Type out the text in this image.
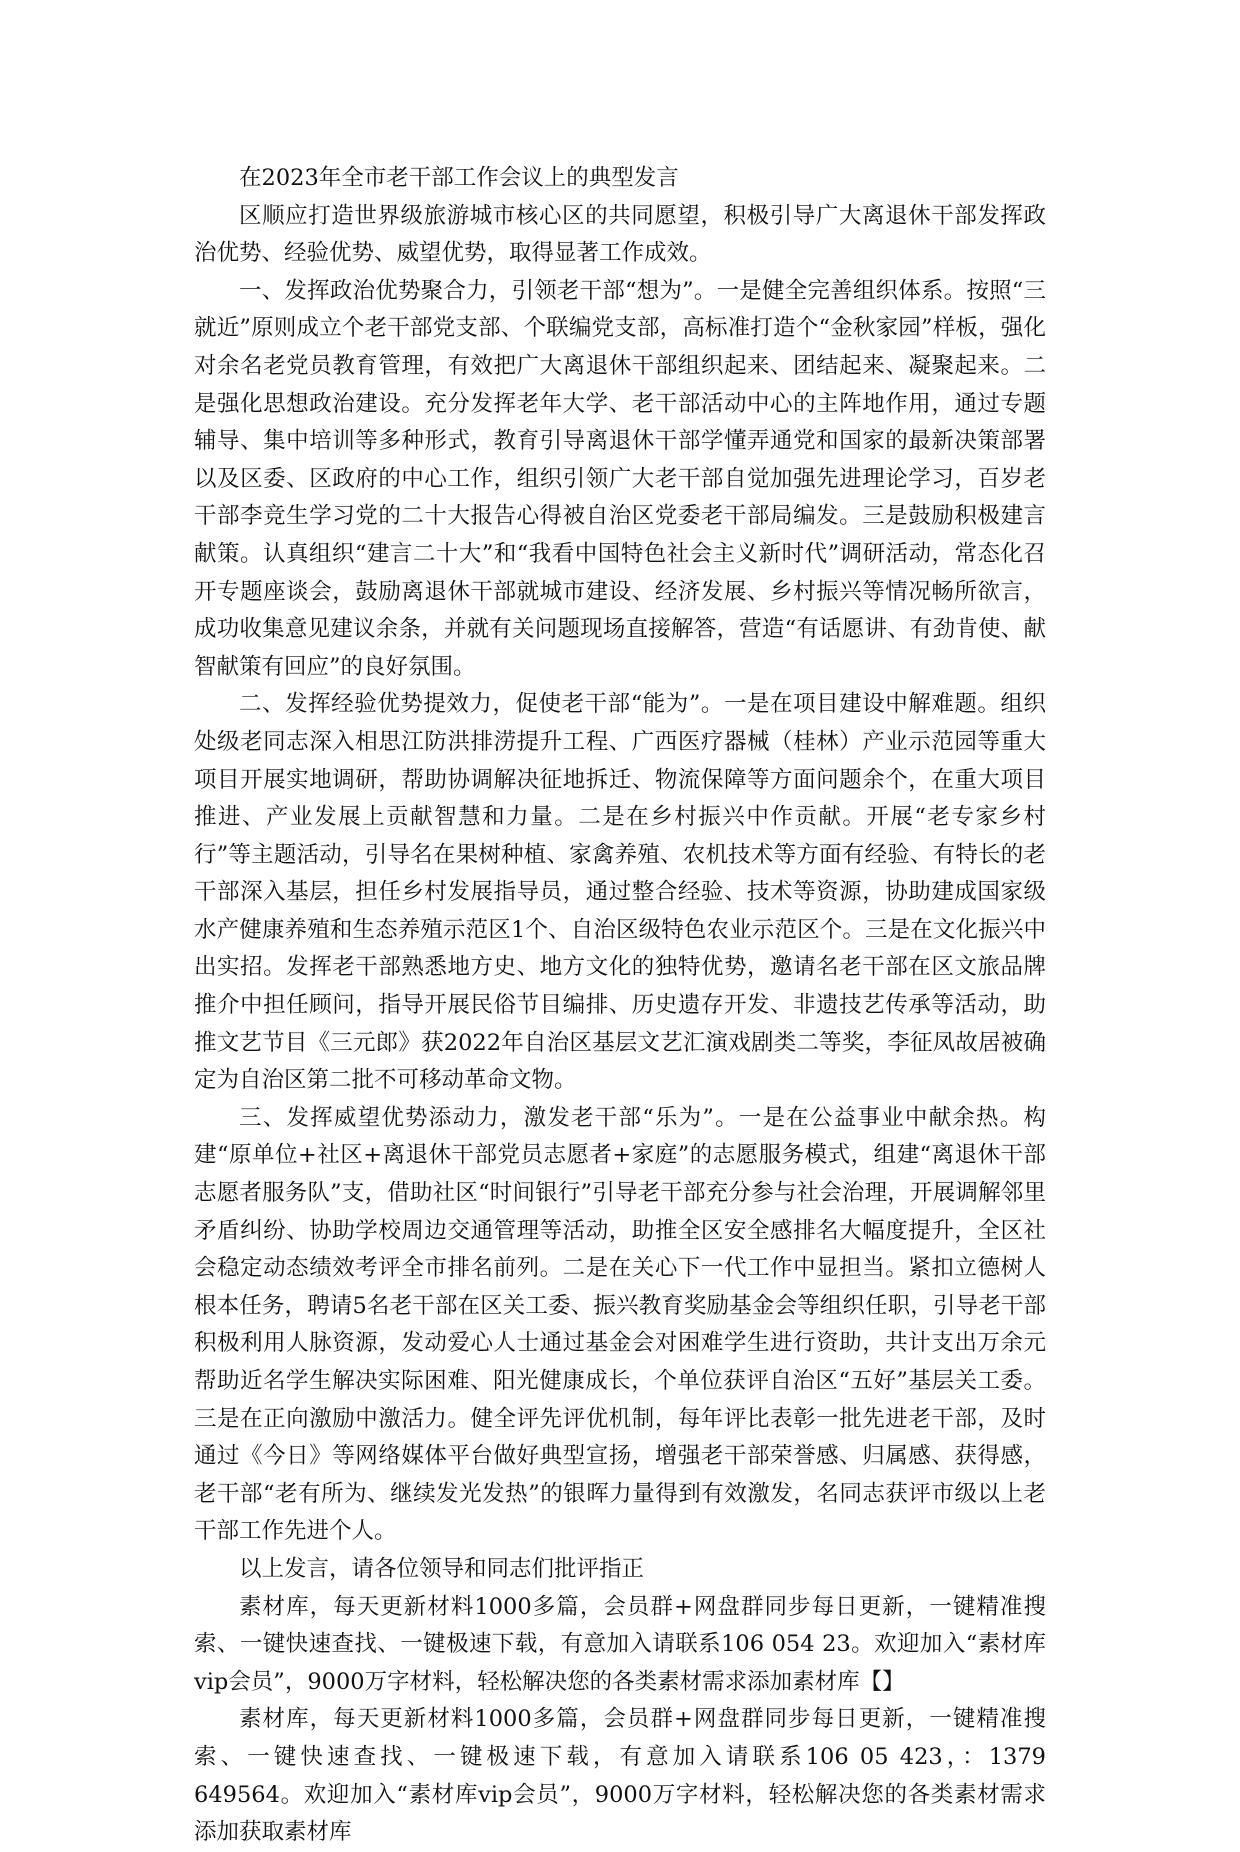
在2023年全市老干部工作会议上的典型发言

区顺应打造世界级旅游城市核心区的共同愿望，积极引导广大离退休干部发挥政治优势、经验优势、威望优势，取得显著工作成效。

一、发挥政治优势聚合力，引领老干部“想为”。一是健全完善组织体系。按照“三就近”原则成立个老干部党支部、个联编党支部，高标准打造个“金秋家园”样板，强化对余名老党员教育管理，有效把广大离退休干部组织起来、团结起来、凝聚起来。二是强化思想政治建设。充分发挥老年大学、老干部活动中心的主阵地作用，通过专题辅导、集中培训等多种形式，教育引导离退休干部学懂弄通党和国家的最新决策部署以及区委、区政府的中心工作，组织引领广大老干部自觉加强先进理论学习，百岁老干部李竞生学习党的二十大报告心得被自治区党委老干部局编发。三是鼓励积极建言献策。认真组织“建言二十大”和“我看中国特色社会主义新时代”调研活动，常态化召开专题座谈会，鼓励离退休干部就城市建设、经济发展、乡村振兴等情况畅所欲言，成功收集意见建议余条，并就有关问题现场直接解答，营造“有话愿讲、有劲肯使、献智献策有回应”的良好氛围。

二、发挥经验优势提效力，促使老干部“能为”。一是在项目建设中解难题。组织处级老同志深入相思江防洪排涝提升工程、广西医疗器械（桂林）产业示范园等重大项目开展实地调研，帮助协调解决征地拆迁、物流保障等方面问题余个，在重大项目推进、产业发展上贡献智慧和力量。二是在乡村振兴中作贡献。开展“老专家乡村行”等主题活动，引导名在果树种植、家禽养殖、农机技术等方面有经验、有特长的老干部深入基层，担任乡村发展指导员，通过整合经验、技术等资源，协助建成国家级水产健康养殖和生态养殖示范区1个、自治区级特色农业示范区个。三是在文化振兴中出实招。发挥老干部熟悉地方史、地方文化的独特优势，邀请名老干部在区文旅品牌推介中担任顾问，指导开展民俗节目编排、历史遗存开发、非遗技艺传承等活动，助推文艺节目《三元郎》获2022年自治区基层文艺汇演戏剧类二等奖，李征凤故居被确定为自治区第二批不可移动革命文物。

三、发挥威望优势添动力，激发老干部“乐为”。一是在公益事业中献余热。构建“原单位+社区+离退休干部党员志愿者+家庭”的志愿服务模式，组建“离退休干部志愿者服务队”支，借助社区“时间银行”引导老干部充分参与社会治理，开展调解邻里矛盾纠纷、协助学校周边交通管理等活动，助推全区安全感排名大幅度提升，全区社会稳定动态绩效考评全市排名前列。二是在关心下一代工作中显担当。紧扣立德树人根本任务，聘请5名老干部在区关工委、振兴教育奖励基金会等组织任职，引导老干部积极利用人脉资源，发动爱心人士通过基金会对困难学生进行资助，共计支出万余元帮助近名学生解决实际困难、阳光健康成长，个单位获评自治区“五好”基层关工委。三是在正向激励中激活力。健全评先评优机制，每年评比表彰一批先进老干部，及时通过《今日》等网络媒体平台做好典型宣扬，增强老干部荣誉感、归属感、获得感，老干部“老有所为、继续发光发热”的银晖力量得到有效激发，名同志获评市级以上老干部工作先进个人。

以上发言，请各位领导和同志们批评指正

素材库，每天更新材料1000多篇，会员群+网盘群同步每日更新，一键精准搜索、一键快速查找、一键极速下载，有意加入请联系106 054 23。欢迎加入“素材库vip会员”，9000万字材料，轻松解决您的各类素材需求添加素材库【】

素材库，每天更新材料1000多篇，会员群+网盘群同步每日更新，一键精准搜索、一键快速查找、一键极速下载，有意加入请联系106 05 423，：1379 649564。欢迎加入“素材库vip会员”，9000万字材料，轻松解决您的各类素材需求添加获取素材库
